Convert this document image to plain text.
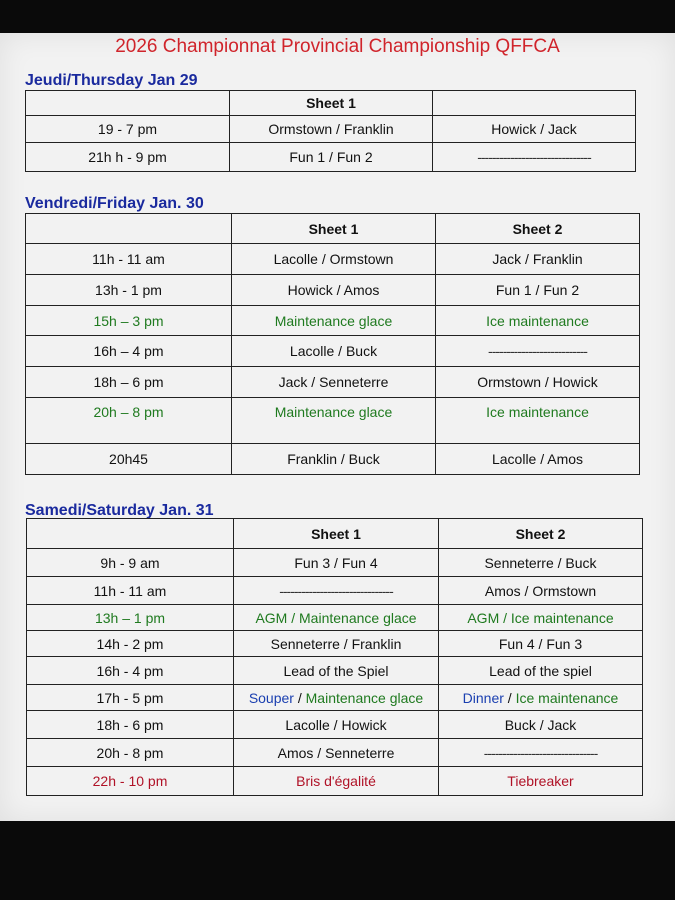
2026 Championnat Provincial Championship QFFCA
Jeudi/Thursday Jan 29
	Sheet 1	
19 - 7 pm	Ormstown / Franklin	Howick / Jack
21h h - 9 pm	Fun 1 / Fun 2	-------------------------------
Vendredi/Friday Jan. 30
	Sheet 1	Sheet 2
11h - 11 am	Lacolle / Ormstown	Jack / Franklin
13h - 1 pm	Howick / Amos	Fun 1 / Fun 2
15h – 3 pm	Maintenance glace	Ice maintenance
16h – 4 pm	Lacolle / Buck	---------------------------
18h – 6 pm	Jack / Senneterre	Ormstown / Howick
20h – 8 pm	Maintenance glace	Ice maintenance
20h45	Franklin / Buck	Lacolle / Amos
Samedi/Saturday Jan. 31
	Sheet 1	Sheet 2
9h - 9 am	Fun 3 / Fun 4	Senneterre / Buck
11h - 11 am	-------------------------------	Amos / Ormstown
13h – 1 pm	AGM / Maintenance glace	AGM / Ice maintenance
14h - 2 pm	Senneterre / Franklin	Fun 4 / Fun 3
16h - 4 pm	Lead of the Spiel	Lead of the spiel
17h - 5 pm	Souper / Maintenance glace	Dinner / Ice maintenance
18h - 6 pm	Lacolle / Howick	Buck / Jack
20h - 8 pm	Amos / Senneterre	-------------------------------
22h - 10 pm	Bris d'égalité	Tiebreaker
